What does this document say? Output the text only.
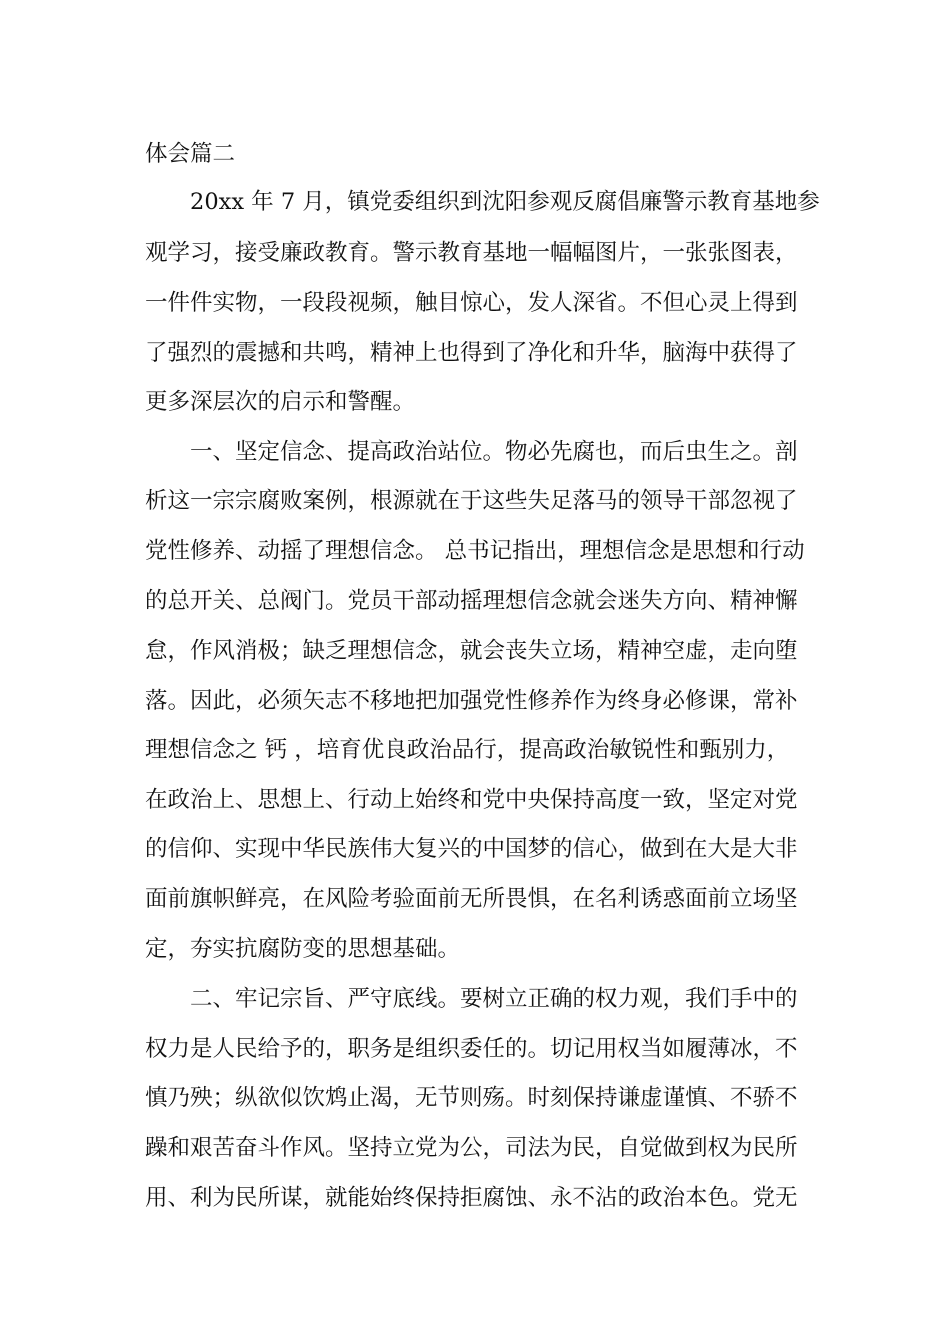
体会篇二
20xx 年 7 月，镇党委组织到沈阳参观反腐倡廉警示教育基地参
观学习，接受廉政教育。警示教育基地一幅幅图片，一张张图表，
一件件实物，一段段视频，触目惊心，发人深省。不但心灵上得到
了强烈的震撼和共鸣，精神上也得到了净化和升华，脑海中获得了
更多深层次的启示和警醒。
一、坚定信念、提高政治站位。物必先腐也，而后虫生之。剖
析这一宗宗腐败案例，根源就在于这些失足落马的领导干部忽视了
党性修养、动摇了理想信念。 总书记指出，理想信念是思想和行动
的总开关、总阀门。党员干部动摇理想信念就会迷失方向、精神懈
怠，作风消极；缺乏理想信念，就会丧失立场，精神空虚，走向堕
落。因此，必须矢志不移地把加强党性修养作为终身必修课，常补
理想信念之 钙 ，培育优良政治品行，提高政治敏锐性和甄别力，
在政治上、思想上、行动上始终和党中央保持高度一致，坚定对党
的信仰、实现中华民族伟大复兴的中国梦的信心，做到在大是大非
面前旗帜鲜亮，在风险考验面前无所畏惧，在名利诱惑面前立场坚
定，夯实抗腐防变的思想基础。
二、牢记宗旨、严守底线。要树立正确的权力观，我们手中的
权力是人民给予的，职务是组织委任的。切记用权当如履薄冰，不
慎乃殃；纵欲似饮鸩止渴，无节则殇。时刻保持谦虚谨慎、不骄不
躁和艰苦奋斗作风。坚持立党为公，司法为民，自觉做到权为民所
用、利为民所谋，就能始终保持拒腐蚀、永不沾的政治本色。党无
